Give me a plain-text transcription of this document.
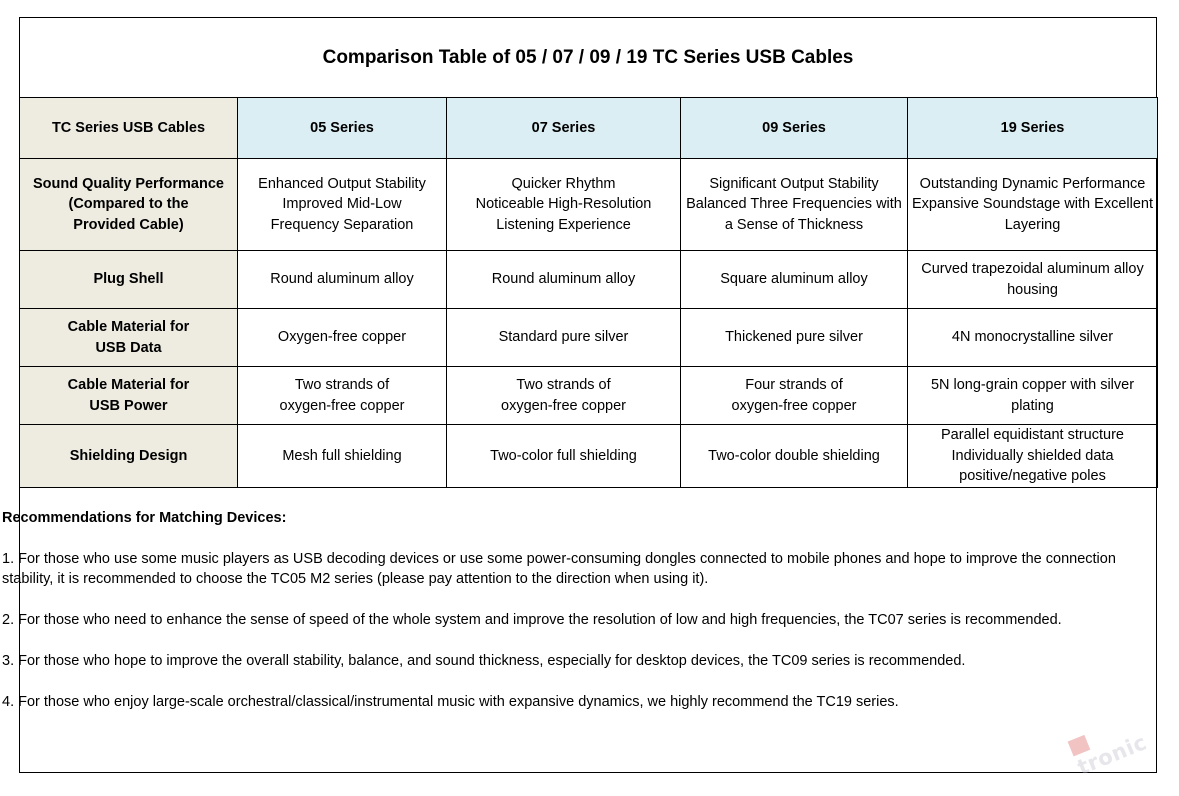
Comparison Table of 05 / 07 / 09 / 19 TC Series USB Cables
TC Series USB Cables	05 Series	07 Series	09 Series	19 Series
Sound Quality Performance
(Compared to the
Provided Cable)	Enhanced Output Stability
Improved Mid-Low
Frequency Separation	Quicker Rhythm
Noticeable High-Resolution
Listening Experience	Significant Output Stability
Balanced Three Frequencies with
a Sense of Thickness	Outstanding Dynamic Performance
Expansive Soundstage with Excellent
Layering
Plug Shell	Round aluminum alloy	Round aluminum alloy	Square aluminum alloy	Curved trapezoidal aluminum alloy
housing
Cable Material for
USB Data	Oxygen-free copper	Standard pure silver	Thickened pure silver	4N monocrystalline silver
Cable Material for
USB Power	Two strands of
oxygen-free copper	Two strands of
oxygen-free copper	Four strands of
oxygen-free copper	5N long-grain copper with silver
plating
Shielding Design	Mesh full shielding	Two-color full shielding	Two-color double shielding	Parallel equidistant structure
Individually shielded data
positive/negative poles
Recommendations for Matching Devices:
1. For those who use some music players as USB decoding devices or use some power-consuming dongles connected to mobile phones and hope to improve the connection stability, it is recommended to choose the TC05 M2 series (please pay attention to the direction when using it).
2. For those who need to enhance the sense of speed of the whole system and improve the resolution of low and high frequencies, the TC07 series is recommended.
3. For those who hope to improve the overall stability, balance, and sound thickness, especially for desktop devices, the TC09 series is recommended.
4. For those who enjoy large-scale orchestral/classical/instrumental music with expansive dynamics, we highly recommend the TC19 series.
tronic
